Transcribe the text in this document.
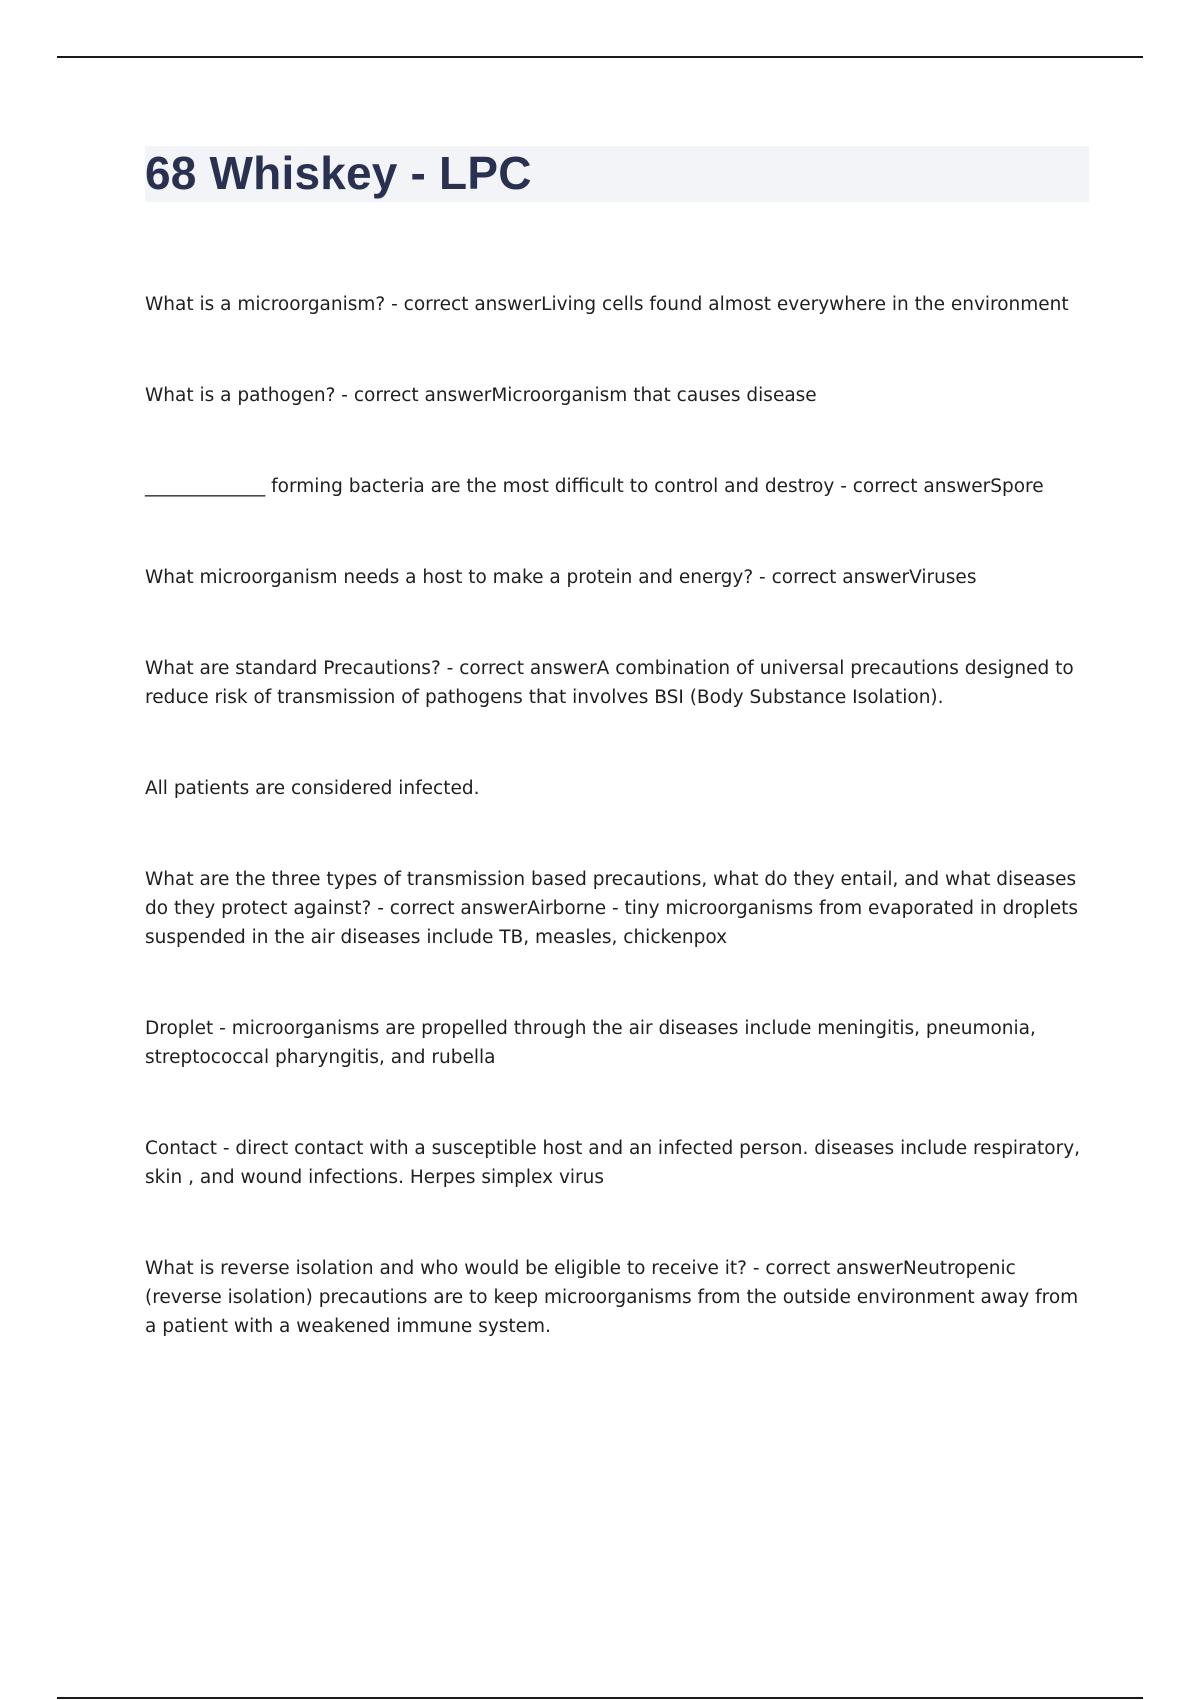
68 Whiskey - LPC

What is a microorganism? - correct answerLiving cells found almost everywhere in the environment

What is a pathogen? - correct answerMicroorganism that causes disease

_____________ forming bacteria are the most difficult to control and destroy - correct answerSpore

What microorganism needs a host to make a protein and energy? - correct answerViruses

What are standard Precautions? - correct answerA combination of universal precautions designed to reduce risk of transmission of pathogens that involves BSI (Body Substance Isolation).

All patients are considered infected.

What are the three types of transmission based precautions, what do they entail, and what diseases do they protect against? - correct answerAirborne - tiny microorganisms from evaporated in droplets suspended in the air diseases include TB, measles, chickenpox

Droplet - microorganisms are propelled through the air diseases include meningitis, pneumonia, streptococcal pharyngitis, and rubella

Contact - direct contact with a susceptible host and an infected person. diseases include respiratory, skin , and wound infections. Herpes simplex virus

What is reverse isolation and who would be eligible to receive it? - correct answerNeutropenic (reverse isolation) precautions are to keep microorganisms from the outside environment away from a patient with a weakened immune system.
